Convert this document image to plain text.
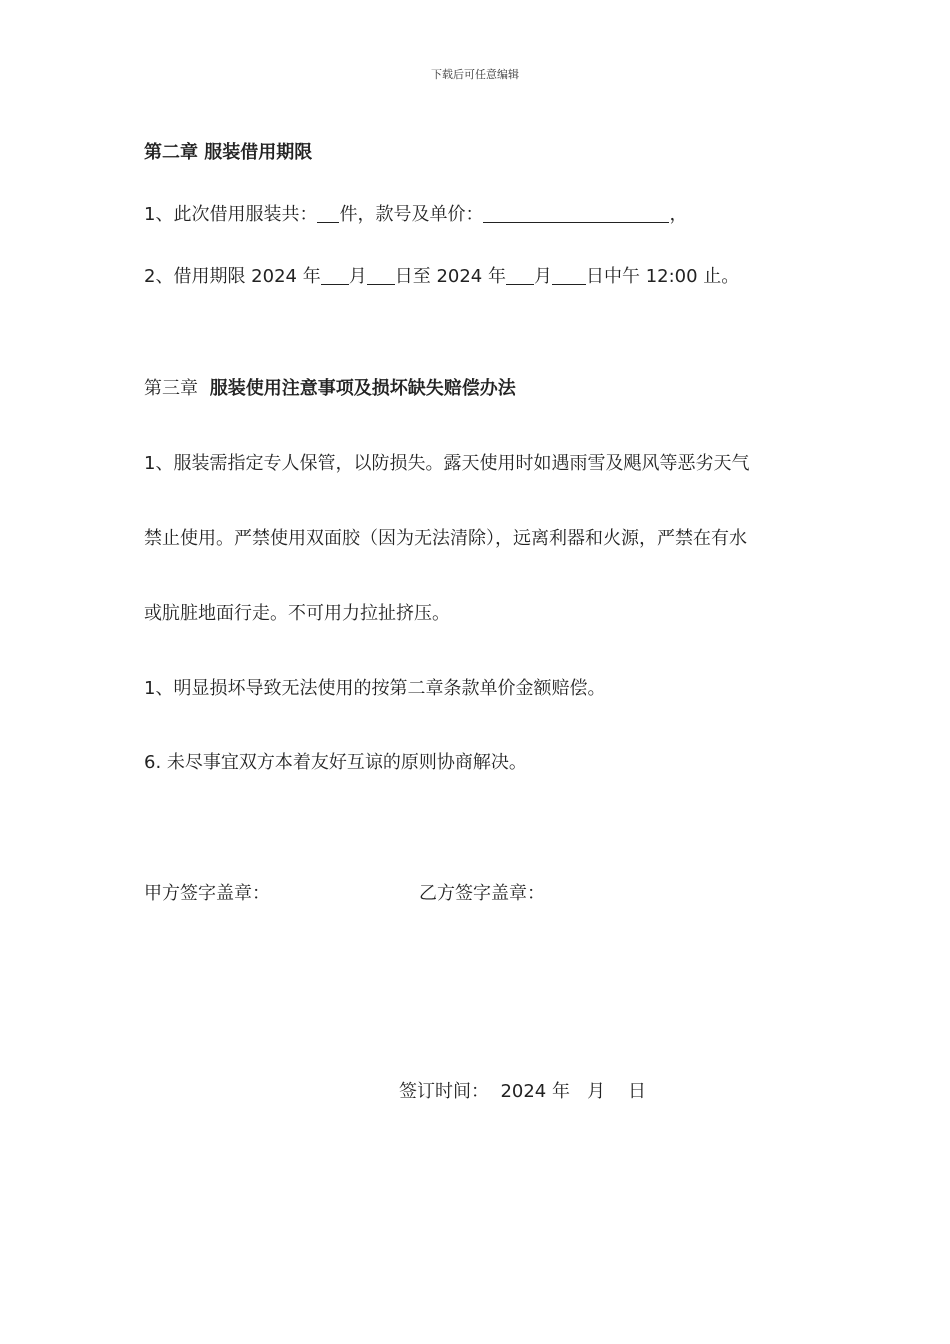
下载后可任意编辑
第二章 服装借用期限
1、此次借用服装共： 件，款号及单价：	，
2、借用期限 2024 年 月 日至 2024 年 月 日中午 12:00 止。
第三章 服装使用注意事项及损坏缺失赔偿办法
1、服装需指定专人保管，以防损失。露天使用时如遇雨雪及飓风等恶劣天气
禁止使用。严禁使用双面胶（因为无法清除），远离利器和火源，严禁在有水
或肮脏地面行走。不可用力拉扯挤压。
1、明显损坏导致无法使用的按第二章条款单价金额赔偿。
6. 未尽事宜双方本着友好互谅的原则协商解决。
甲方签字盖章：	乙方签字盖章：
签订时间：  2024 年   月    日
